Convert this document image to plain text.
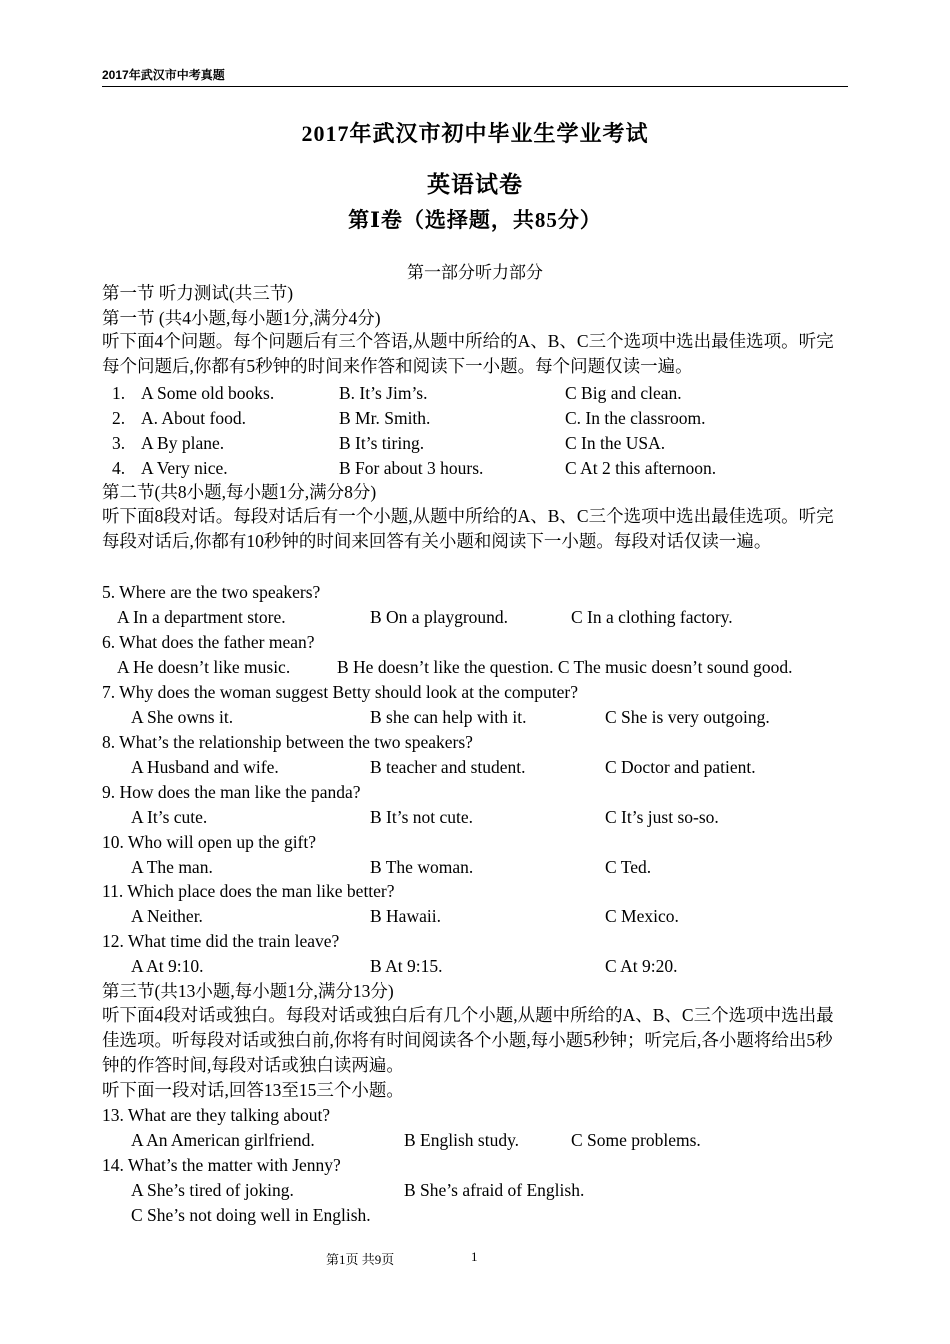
2017年武汉市中考真题
2017年武汉市初中毕业生学业考试
英语试卷
第Ⅰ卷（选择题，共85分）
第一部分听力部分
第一节 听力测试(共三节)
第一节 (共4小题,每小题1分,满分4分)
听下面4个问题。每个问题后有三个答语,从题中所给的A、B、C三个选项中选出最佳选项。听完每个问题后,你都有5秒钟的时间来作答和阅读下一小题。每个问题仅读一遍。
1. A Some old books.	B. It’s Jim’s.	C Big and clean.
2. A. About food.	B Mr. Smith.	C. In the classroom.
3. A By plane.	B It’s tiring.	C In the USA.
4. A Very nice.	B For about 3 hours.	C At 2 this afternoon.
第二节(共8小题,每小题1分,满分8分)
听下面8段对话。每段对话后有一个小题,从题中所给的A、B、C三个选项中选出最佳选项。听完每段对话后,你都有10秒钟的时间来回答有关小题和阅读下一小题。每段对话仅读一遍。
5. Where are the two speakers?
A In a department store.	B On a playground.	C In a clothing factory.
6. What does the father mean?
A He doesn’t like music.	B He doesn’t like the question. C The music doesn’t sound good.
7. Why does the woman suggest Betty should look at the computer?
A She owns it.	B she can help with it.	C She is very outgoing.
8. What’s the relationship between the two speakers?
A Husband and wife.	B teacher and student.	C Doctor and patient.
9. How does the man like the panda?
A It’s cute.	B It’s not cute.	C It’s just so-so.
10. Who will open up the gift?
A The man.	B The woman.	C Ted.
11. Which place does the man like better?
A Neither.	B Hawaii.	C Mexico.
12. What time did the train leave?
A At 9:10.	B At 9:15.	C At 9:20.
第三节(共13小题,每小题1分,满分13分)
听下面4段对话或独白。每段对话或独白后有几个小题,从题中所给的A、B、C三个选项中选出最佳选项。听每段对话或独白前,你将有时间阅读各个小题,每小题5秒钟；听完后,各小题将给出5秒钟的作答时间,每段对话或独白读两遍。
听下面一段对话,回答13至15三个小题。
13. What are they talking about?
A An American girlfriend.	B English study.	C Some problems.
14. What’s the matter with Jenny?
A She’s tired of joking.	B She’s afraid of English.
C She’s not doing well in English.
第1页 共9页	1
